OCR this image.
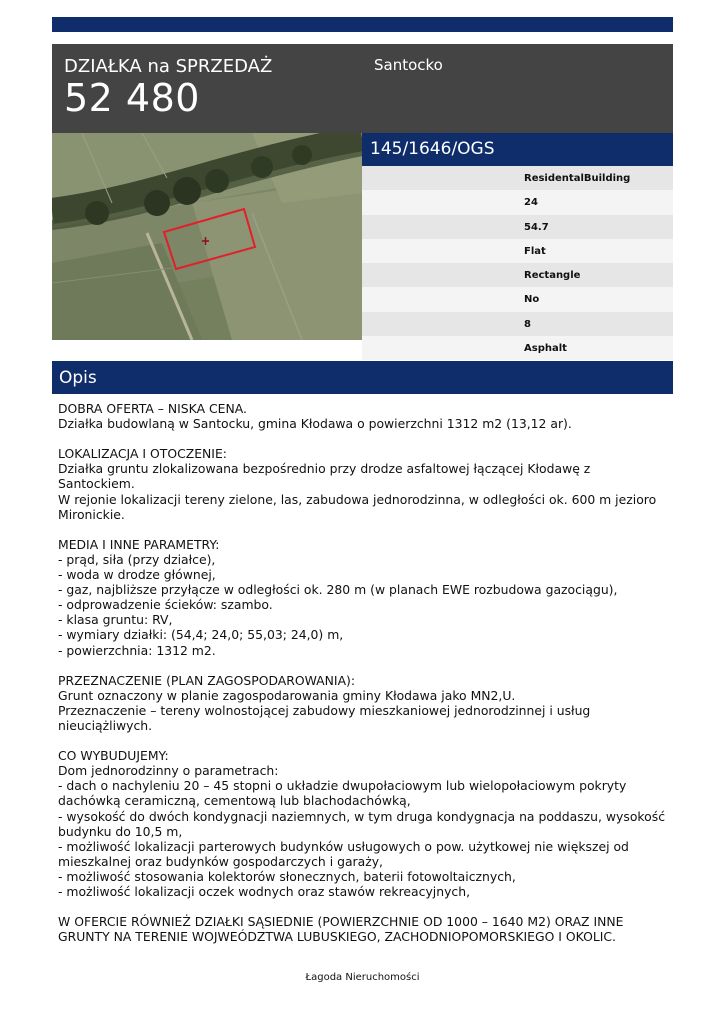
DZIAŁKA na SPRZEDAŻ
52 480
Santocko
145/1646/OGS
ResidentalBuilding
24
54.7
Flat
Rectangle
No
8
Asphalt
Opis
DOBRA OFERTA – NISKA CENA.
Działka budowlaną w Santocku, gmina Kłodawa o powierzchni 1312 m2 (13,12 ar).

LOKALIZACJA I OTOCZENIE:
Działka gruntu zlokalizowana bezpośrednio przy drodze asfaltowej łączącej Kłodawę z Santockiem.
W rejonie lokalizacji tereny zielone, las, zabudowa jednorodzinna, w odległości ok. 600 m jezioro
Mironickie.

MEDIA I INNE PARAMETRY:
- prąd, siła (przy działce),
- woda w drodze głównej,
- gaz, najbliższe przyłącze w odległości ok. 280 m (w planach EWE rozbudowa gazociągu),
- odprowadzenie ścieków: szambo.
- klasa gruntu: RV,
- wymiary działki: (54,4; 24,0; 55,03; 24,0) m,
- powierzchnia: 1312 m2.

PRZEZNACZENIE (PLAN ZAGOSPODAROWANIA):
Grunt oznaczony w planie zagospodarowania gminy Kłodawa jako MN2,U.
Przeznaczenie – tereny wolnostojącej zabudowy mieszkaniowej jednorodzinnej i usług
nieuciążliwych.

CO WYBUDUJEMY:
Dom jednorodzinny o parametrach:
- dach o nachyleniu 20 – 45 stopni o układzie dwupołaciowym lub wielopołaciowym pokryty
dachówką ceramiczną, cementową lub blachodachówką,
- wysokość do dwóch kondygnacji naziemnych, w tym druga kondygnacja na poddaszu, wysokość
budynku do 10,5 m,
- możliwość lokalizacji parterowych budynków usługowych o pow. użytkowej nie większej od
mieszkalnej oraz budynków gospodarczych i garaży,
- możliwość stosowania kolektorów słonecznych, baterii fotowoltaicznych,
- możliwość lokalizacji oczek wodnych oraz stawów rekreacyjnych,

W OFERCIE RÓWNIEŻ DZIAŁKI SĄSIEDNIE (POWIERZCHNIE OD 1000 – 1640 M2) ORAZ INNE
GRUNTY NA TERENIE WOJWEÓDZTWA LUBUSKIEGO, ZACHODNIOPOMORSKIEGO I OKOLIC.
Łagoda Nieruchomości
